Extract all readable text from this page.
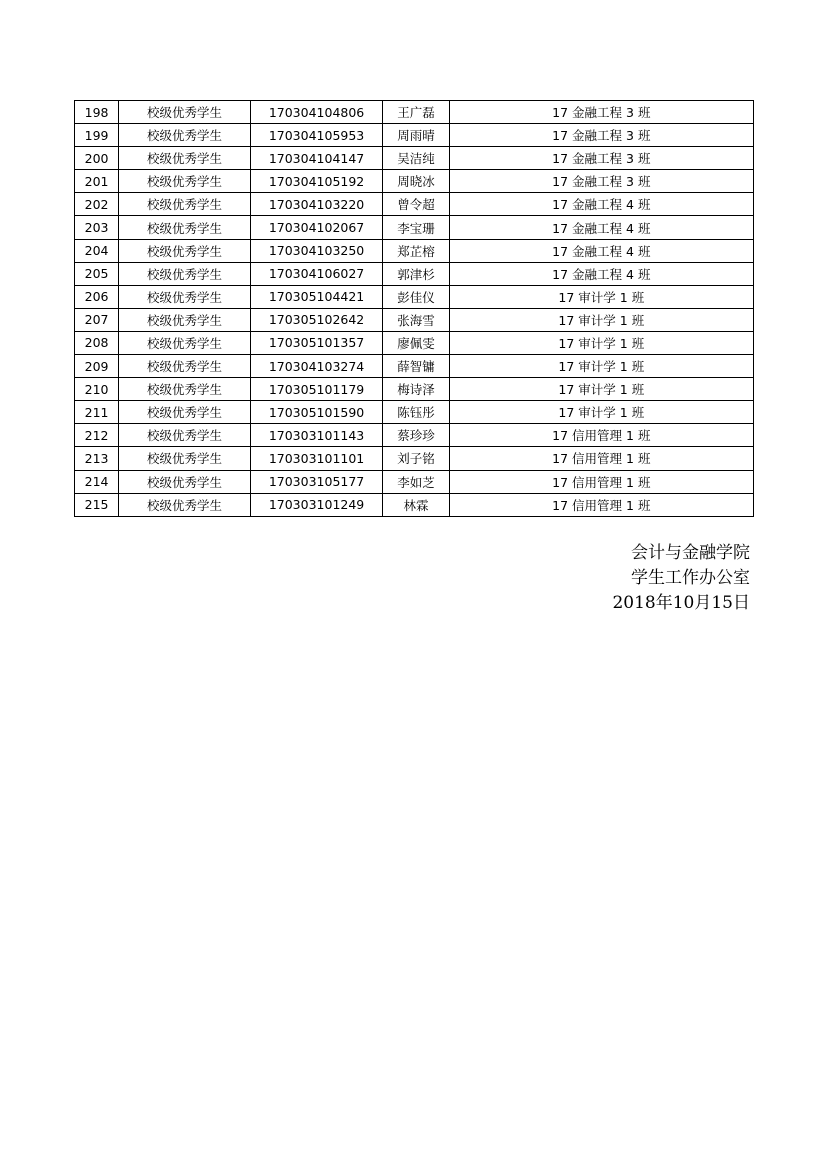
198	校级优秀学生	170304104806	王广磊	17 金融工程 3 班
199	校级优秀学生	170304105953	周雨晴	17 金融工程 3 班
200	校级优秀学生	170304104147	吴洁纯	17 金融工程 3 班
201	校级优秀学生	170304105192	周晓冰	17 金融工程 3 班
202	校级优秀学生	170304103220	曾令超	17 金融工程 4 班
203	校级优秀学生	170304102067	李宝珊	17 金融工程 4 班
204	校级优秀学生	170304103250	郑芷榕	17 金融工程 4 班
205	校级优秀学生	170304106027	郭津杉	17 金融工程 4 班
206	校级优秀学生	170305104421	彭佳仪	17 审计学 1 班
207	校级优秀学生	170305102642	张海雪	17 审计学 1 班
208	校级优秀学生	170305101357	廖佩雯	17 审计学 1 班
209	校级优秀学生	170304103274	薛智镛	17 审计学 1 班
210	校级优秀学生	170305101179	梅诗泽	17 审计学 1 班
211	校级优秀学生	170305101590	陈钰彤	17 审计学 1 班
212	校级优秀学生	170303101143	蔡珍珍	17 信用管理 1 班
213	校级优秀学生	170303101101	刘子铭	17 信用管理 1 班
214	校级优秀学生	170303105177	李如芝	17 信用管理 1 班
215	校级优秀学生	170303101249	林霖	17 信用管理 1 班
会计与金融学院
学生工作办公室
2018年10月15日
